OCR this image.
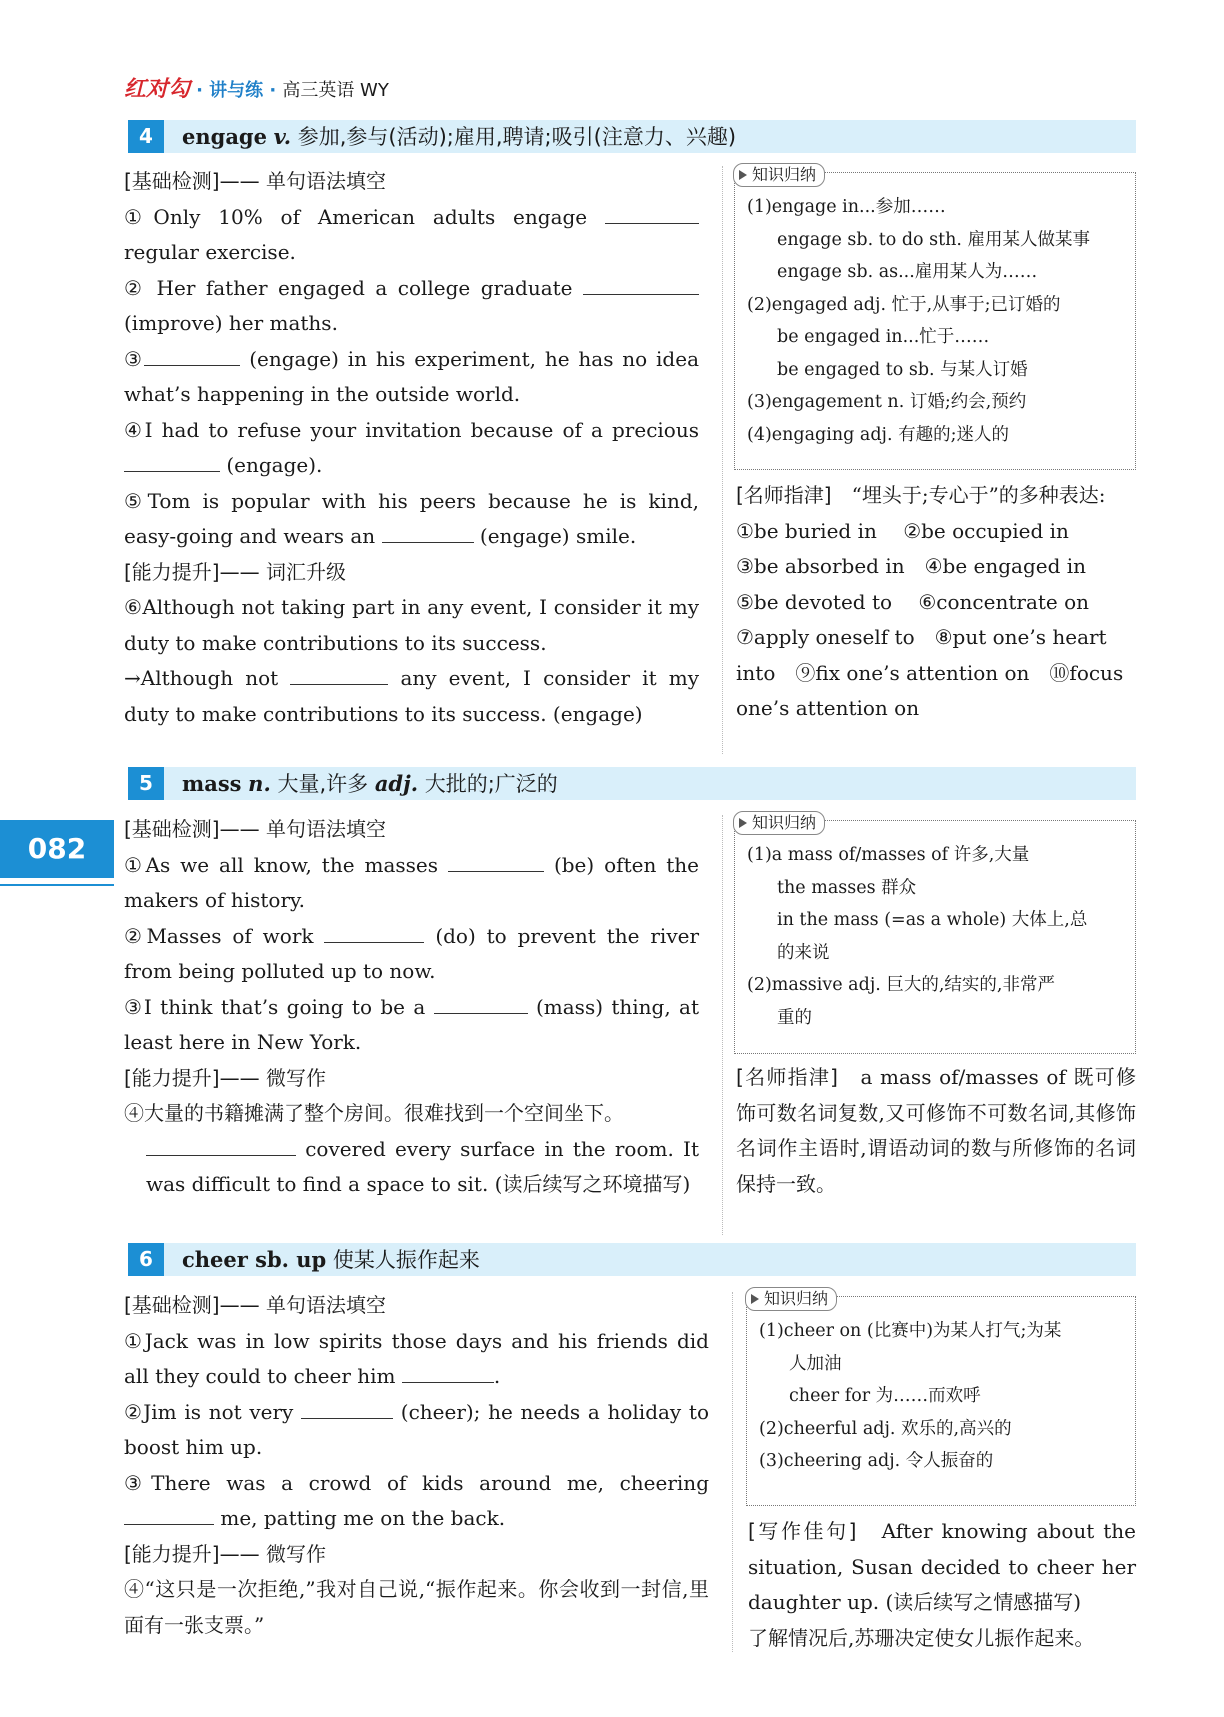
红对勾 · 讲与练 · 高三英语 WY
082
4	engage v. 参加,参与(活动);雇用,聘请;吸引(注意力、兴趣)

[基础检测]—— 单句语法填空

①Only 10% of American adults engage  regular exercise.

② Her father engaged a college graduate  (improve) her maths.

③	(engage) in his experiment, he has no idea what’s happening in the outside world.

④I had to refuse your invitation because of a precious  (engage).

⑤Tom is popular with his peers because he is kind, easy-going and wears an	(engage) smile.

[能力提升]—— 词汇升级

⑥Although not taking part in any event, I consider it my duty to make contributions to its success.

→Although not	any event, I consider it my duty to make contributions to its success. (engage)

知识归纳

(1)engage in...参加……

engage sb. to do sth. 雇用某人做某事

engage sb. as...雇用某人为……

(2)engaged adj. 忙于,从事于;已订婚的

be engaged in...忙于……

be engaged to sb. 与某人订婚

(3)engagement n. 订婚;约会,预约

(4)engaging adj. 有趣的;迷人的

[名师指津]　 “埋头于;专心于”的多种表达:

①be buried in　 ②be occupied in

③be absorbed in　④be engaged in

⑤be devoted to　 ⑥concentrate on

⑦apply oneself to　⑧put one’s heart

into　⑨fix one’s attention on　⑩focus

one’s attention on

5	mass n. 大量,许多 adj. 大批的;广泛的

[基础检测]—— 单句语法填空

①As we all know, the masses	(be) often the makers of history.

②Masses of work	(do) to prevent the river from being polluted up to now.

③I think that’s going to be a	(mass) thing, at least here in New York.

[能力提升]—— 微写作

④大量的书籍摊满了整个房间。很难找到一个空间坐下。

covered every surface in the room. It was difficult to find a space to sit. (读后续写之环境描写)

知识归纳

(1)a mass of/masses of 许多,大量

the masses 群众

in the mass (=as a whole) 大体上,总

的来说

(2)massive adj. 巨大的,结实的,非常严

重的

[名师指津]　 a mass of/masses of 既可修饰可数名词复数,又可修饰不可数名词,其修饰名词作主语时,谓语动词的数与所修饰的名词保持一致。

6	cheer sb. up 使某人振作起来

[基础检测]—— 单句语法填空

①Jack was in low spirits those days and his friends did all they could to cheer him	.

②Jim is not very	(cheer); he needs a holiday to boost him up.

③There was a crowd of kids around me, cheering  me, patting me on the back.

[能力提升]—— 微写作

④“这只是一次拒绝,”我对自己说,“振作起来。你会收到一封信,里面有一张支票。”

知识归纳

(1)cheer on (比赛中)为某人打气;为某

人加油

cheer for 为……而欢呼

(2)cheerful adj. 欢乐的,高兴的

(3)cheering adj. 令人振奋的

[写作佳句]　 After knowing about the situation, Susan decided to cheer her daughter up. (读后续写之情感描写)

了解情况后,苏珊决定使女儿振作起来。
